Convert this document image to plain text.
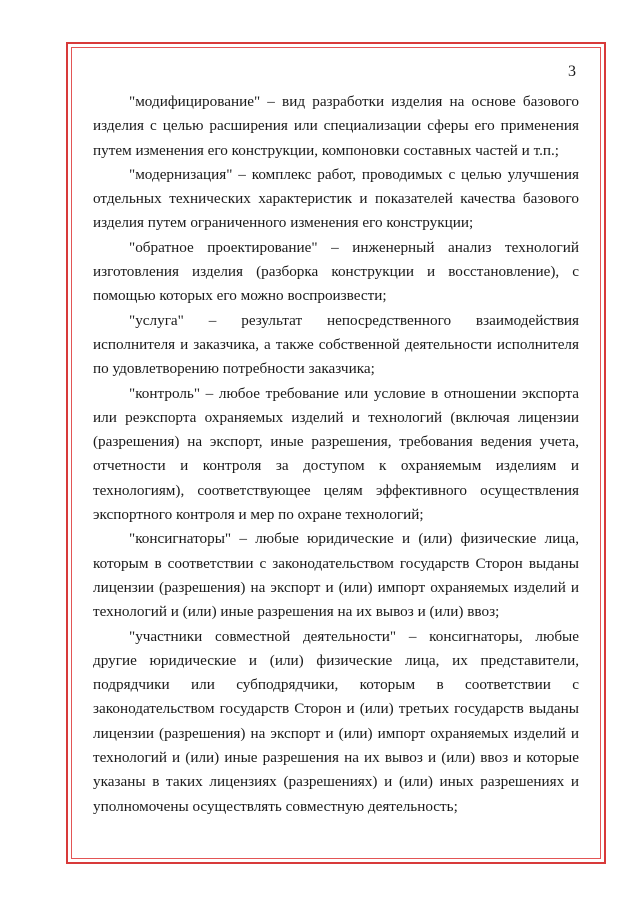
3

"модифицирование" – вид разработки изделия на основе базового изделия с целью расширения или специализации сферы его применения путем изменения его конструкции, компоновки составных частей и т.п.;

"модернизация" – комплекс работ, проводимых с целью улучшения отдельных технических характеристик и показателей качества базового изделия путем ограниченного изменения его конструкции;

"обратное проектирование" – инженерный анализ технологий изготовления изделия (разборка конструкции и восстановление), с помощью которых его можно воспроизвести;

"услуга" – результат непосредственного взаимодействия исполнителя и заказчика, а также собственной деятельности исполнителя по удовлетворению потребности заказчика;

"контроль" – любое требование или условие в отношении экспорта или реэкспорта охраняемых изделий и технологий (включая лицензии (разрешения) на экспорт, иные разрешения, требования ведения учета, отчетности и контроля за доступом к охраняемым изделиям и технологиям), соответствующее целям эффективного осуществления экспортного контроля и мер по охране технологий;

"консигнаторы" – любые юридические и (или) физические лица, которым в соответствии с законодательством государств Сторон выданы лицензии (разрешения) на экспорт и (или) импорт охраняемых изделий и технологий и (или) иные разрешения на их вывоз и (или) ввоз;

"участники совместной деятельности" – консигнаторы, любые другие юридические и (или) физические лица, их представители, подрядчики или субподрядчики, которым в соответствии с законодательством государств Сторон и (или) третьих государств выданы лицензии (разрешения) на экспорт и (или) импорт охраняемых изделий и технологий и (или) иные разрешения на их вывоз и (или) ввоз и которые указаны в таких лицензиях (разрешениях) и (или) иных разрешениях и уполномочены осуществлять совместную деятельность;
